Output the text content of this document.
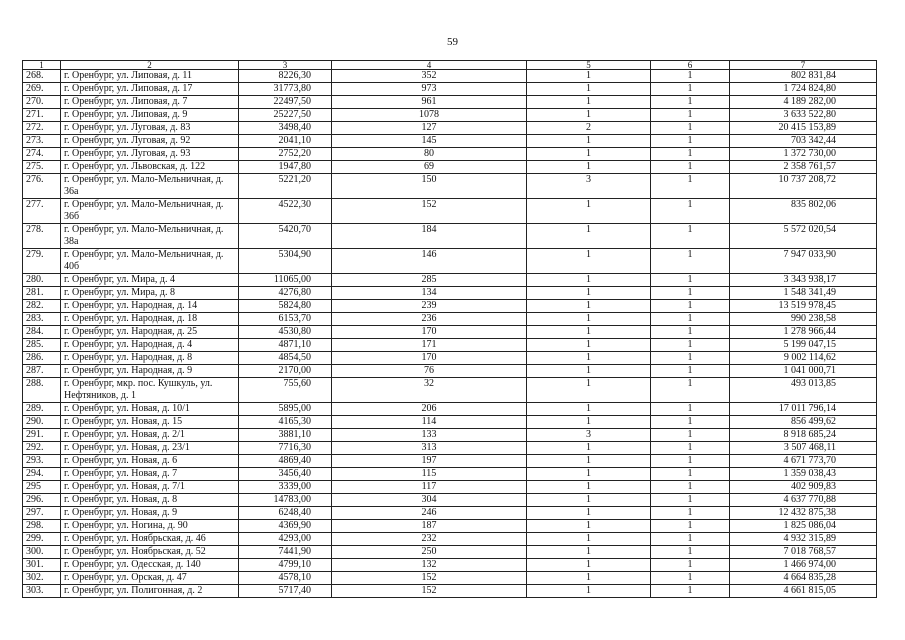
59
1	2	3	4	5	6	7
268.	г. Оренбург, ул. Липовая, д. 11	8226,30	352	1	1	802 831,84
269.	г. Оренбург, ул. Липовая, д. 17	31773,80	973	1	1	1 724 824,80
270.	г. Оренбург, ул. Липовая, д. 7	22497,50	961	1	1	4 189 282,00
271.	г. Оренбург, ул. Липовая, д. 9	25227,50	1078	1	1	3 633 522,80
272.	г. Оренбург, ул. Луговая, д. 83	3498,40	127	2	1	20 415 153,89
273.	г. Оренбург, ул. Луговая, д. 92	2041,10	145	1	1	703 342,44
274.	г. Оренбург, ул. Луговая, д. 93	2752,20	80	1	1	1 372 730,00
275.	г. Оренбург, ул. Львовская, д. 122	1947,80	69	1	1	2 358 761,57
276.	г. Оренбург, ул. Мало-Мельничная, д. 36а	5221,20	150	3	1	10 737 208,72
277.	г. Оренбург, ул. Мало-Мельничная, д. 36б	4522,30	152	1	1	835 802,06
278.	г. Оренбург, ул. Мало-Мельничная, д. 38а	5420,70	184	1	1	5 572 020,54
279.	г. Оренбург, ул. Мало-Мельничная, д. 40б	5304,90	146	1	1	7 947 033,90
280.	г. Оренбург, ул. Мира, д. 4	11065,00	285	1	1	3 343 938,17
281.	г. Оренбург, ул. Мира, д. 8	4276,80	134	1	1	1 548 341,49
282.	г. Оренбург, ул. Народная, д. 14	5824,80	239	1	1	13 519 978,45
283.	г. Оренбург, ул. Народная, д. 18	6153,70	236	1	1	990 238,58
284.	г. Оренбург, ул. Народная, д. 25	4530,80	170	1	1	1 278 966,44
285.	г. Оренбург, ул. Народная, д. 4	4871,10	171	1	1	5 199 047,15
286.	г. Оренбург, ул. Народная, д. 8	4854,50	170	1	1	9 002 114,62
287.	г. Оренбург, ул. Народная, д. 9	2170,00	76	1	1	1 041 000,71
288.	г. Оренбург, мкр. пос. Кушкуль, ул. Нефтяников, д. 1	755,60	32	1	1	493 013,85
289.	г. Оренбург, ул. Новая, д. 10/1	5895,00	206	1	1	17 011 796,14
290.	г. Оренбург, ул. Новая, д. 15	4165,30	114	1	1	856 499,62
291.	г. Оренбург, ул. Новая, д. 2/1	3881,10	133	3	1	8 918 685,24
292.	г. Оренбург, ул. Новая, д. 23/1	7716,30	313	1	1	3 507 468,11
293.	г. Оренбург, ул. Новая, д. 6	4869,40	197	1	1	4 671 773,70
294.	г. Оренбург, ул. Новая, д. 7	3456,40	115	1	1	1 359 038,43
295	г. Оренбург, ул. Новая, д. 7/1	3339,00	117	1	1	402 909,83
296.	г. Оренбург, ул. Новая, д. 8	14783,00	304	1	1	4 637 770,88
297.	г. Оренбург, ул. Новая, д. 9	6248,40	246	1	1	12 432 875,38
298.	г. Оренбург, ул. Ногина, д. 90	4369,90	187	1	1	1 825 086,04
299.	г. Оренбург, ул. Ноябрьская, д. 46	4293,00	232	1	1	4 932 315,89
300.	г. Оренбург, ул. Ноябрьская, д. 52	7441,90	250	1	1	7 018 768,57
301.	г. Оренбург, ул. Одесская, д. 140	4799,10	132	1	1	1 466 974,00
302.	г. Оренбург, ул. Орская, д. 47	4578,10	152	1	1	4 664 835,28
303.	г. Оренбург, ул. Полигонная, д. 2	5717,40	152	1	1	4 661 815,05
